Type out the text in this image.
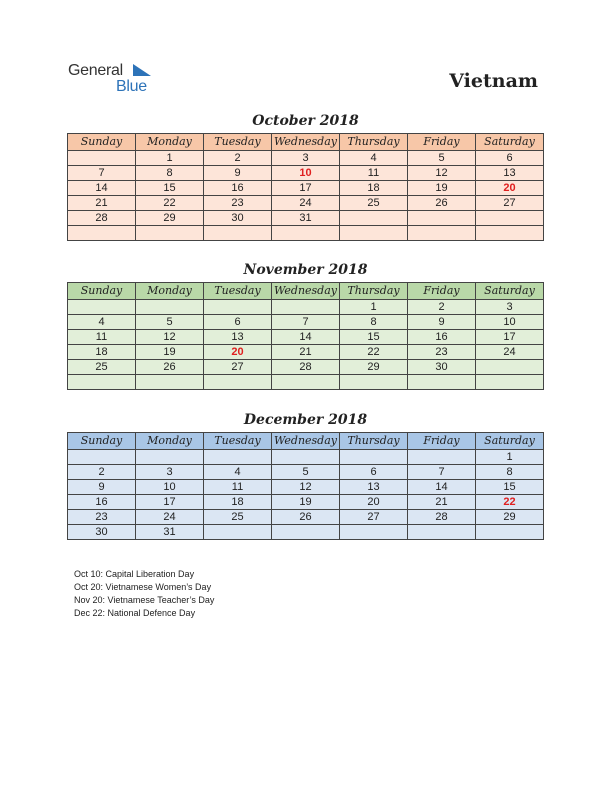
General
Blue	Vietnam
October 2018
Sunday	Monday	Tuesday	Wednesday	Thursday	Friday	Saturday
	1	2	3	4	5	6
7	8	9	10	11	12	13
14	15	16	17	18	19	20
21	22	23	24	25	26	27
28	29	30	31			

November 2018
Sunday	Monday	Tuesday	Wednesday	Thursday	Friday	Saturday
				1	2	3
4	5	6	7	8	9	10
11	12	13	14	15	16	17
18	19	20	21	22	23	24
25	26	27	28	29	30	

December 2018
Sunday	Monday	Tuesday	Wednesday	Thursday	Friday	Saturday
						1
2	3	4	5	6	7	8
9	10	11	12	13	14	15
16	17	18	19	20	21	22
23	24	25	26	27	28	29
30	31					
Oct 10: Capital Liberation Day
Oct 20: Vietnamese Women’s Day
Nov 20: Vietnamese Teacher’s Day
Dec 22: National Defence Day
